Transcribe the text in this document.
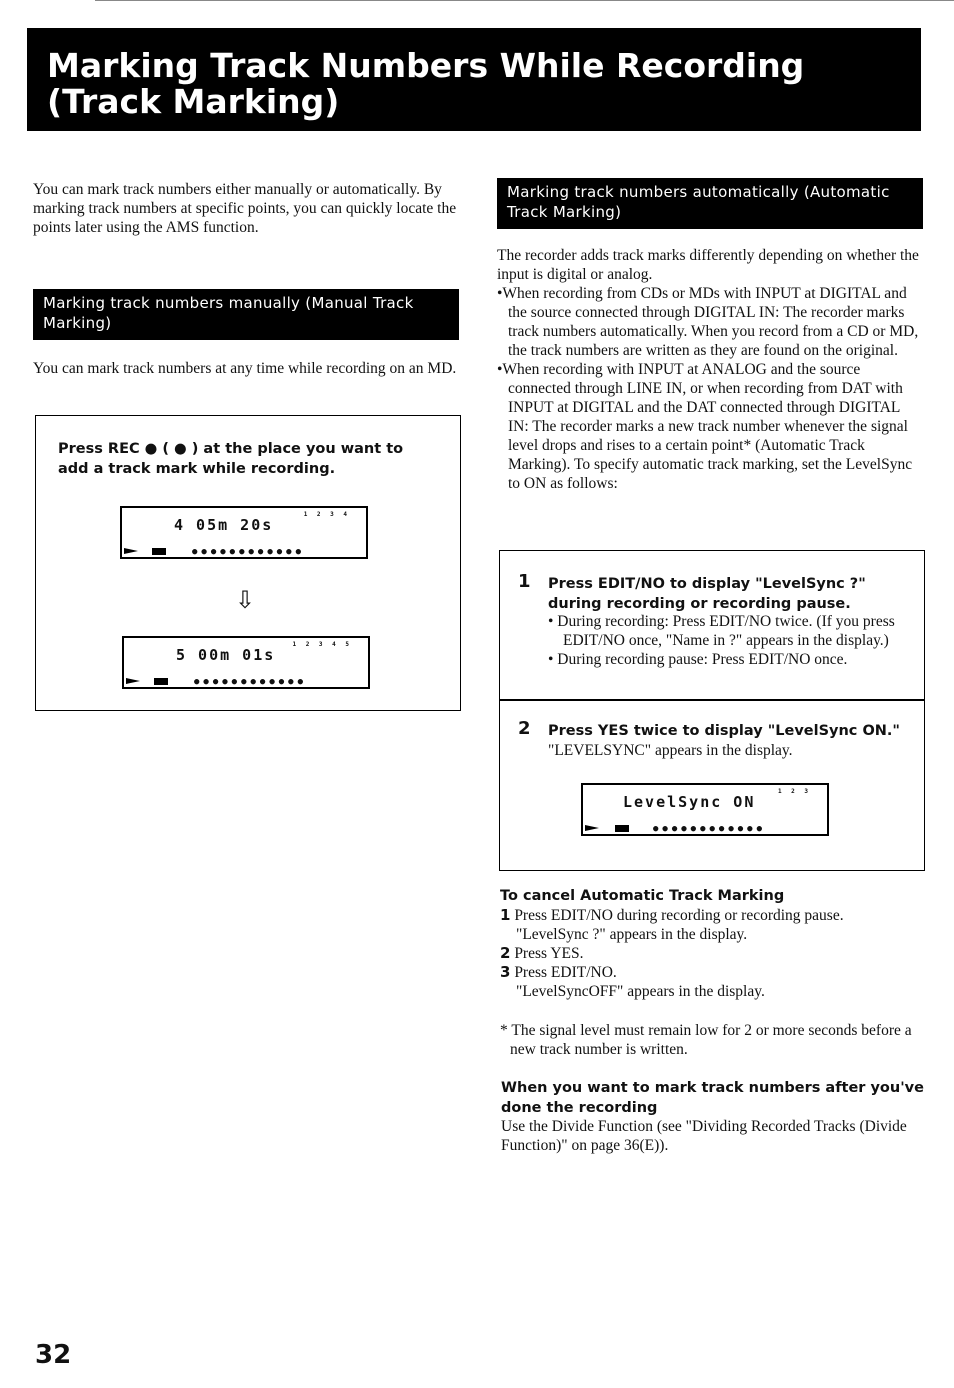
Marking Track Numbers While Recording
(Track Marking)
You can mark track numbers either manually or automatically. By marking track numbers at specific points, you can quickly locate the points later using the AMS function.
Marking track numbers manually (Manual Track Marking)
You can mark track numbers at any time while recording on an MD.
Press REC ● ( ● ) at the place you want to add a track mark while recording.
4 05m 20s
1 2 3 4
●●●●●●●●●●●●
⇩
5 00m 01s
1 2 3 4 5
●●●●●●●●●●●●
Marking track numbers automatically (Automatic Track Marking)
The recorder adds track marks differently depending on whether the input is digital or analog.
•When recording from CDs or MDs with INPUT at DIGITAL and the source connected through DIGITAL IN: The recorder marks track numbers automatically. When you record from a CD or MD, the track numbers are written as they are found on the original.
•When recording with INPUT at ANALOG and the source connected through LINE IN, or when recording from DAT with INPUT at DIGITAL and the DAT connected through DIGITAL IN: The recorder marks a new track number whenever the signal level drops and rises to a certain point* (Automatic Track Marking). To specify automatic track marking, set the LevelSync to ON as follows:
1 Press EDIT/NO to display "LevelSync ?" during recording or recording pause.
• During recording: Press EDIT/NO twice. (If you press EDIT/NO once, "Name in ?" appears in the display.)
• During recording pause: Press EDIT/NO once.
2 Press YES twice to display "LevelSync ON."
"LEVELSYNC" appears in the display.
LevelSync ON
1 2 3
●●●●●●●●●●●●
To cancel Automatic Track Marking
1 Press EDIT/NO during recording or recording pause.
"LevelSync ?" appears in the display.
2 Press YES.
3 Press EDIT/NO.
"LevelSyncOFF" appears in the display.
* The signal level must remain low for 2 or more seconds before a new track number is written.
When you want to mark track numbers after you've done the recording
Use the Divide Function (see "Dividing Recorded Tracks (Divide Function)" on page 36(E)).
32
